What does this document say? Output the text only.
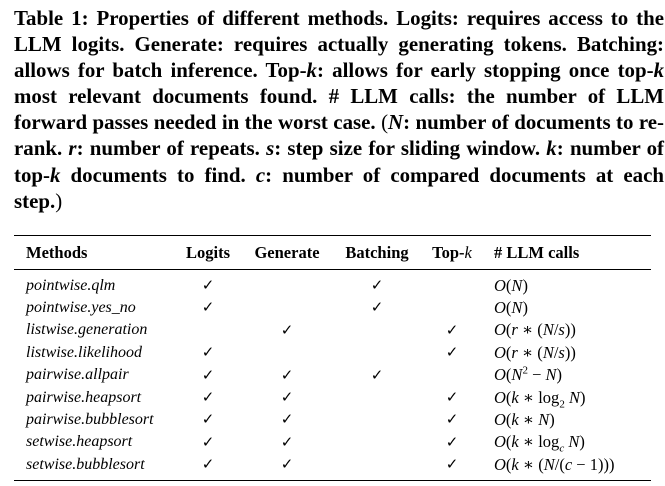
Table 1: Properties of different methods. Logits: requires access to the LLM logits. Generate: requires actually generating tokens. Batching: allows for batch inference. Top-k: allows for early stopping once top-k most relevant documents found. # LLM calls: the number of LLM forward passes needed in the worst case. (N: number of documents to re-rank. r: number of repeats. s: step size for sliding window. k: number of top-k documents to find. c: number of compared documents at each step.)
Methods	Logits	Generate	Batching	Top-k	# LLM calls
pointwise.qlm	✓		✓		O(N)
pointwise.yes_no	✓		✓		O(N)
listwise.generation		✓		✓	O(r ∗ (N/s))
listwise.likelihood	✓			✓	O(r ∗ (N/s))
pairwise.allpair	✓	✓	✓		$O(N^2 - N)$
pairwise.heapsort	✓	✓		✓	O(k ∗ $\log_2 N$)
pairwise.bubblesort	✓	✓		✓	O(k ∗ N)
setwise.heapsort	✓	✓		✓	O(k ∗ $\log_c N$)
setwise.bubblesort	✓	✓		✓	O(k ∗ (N/(c − 1)))
